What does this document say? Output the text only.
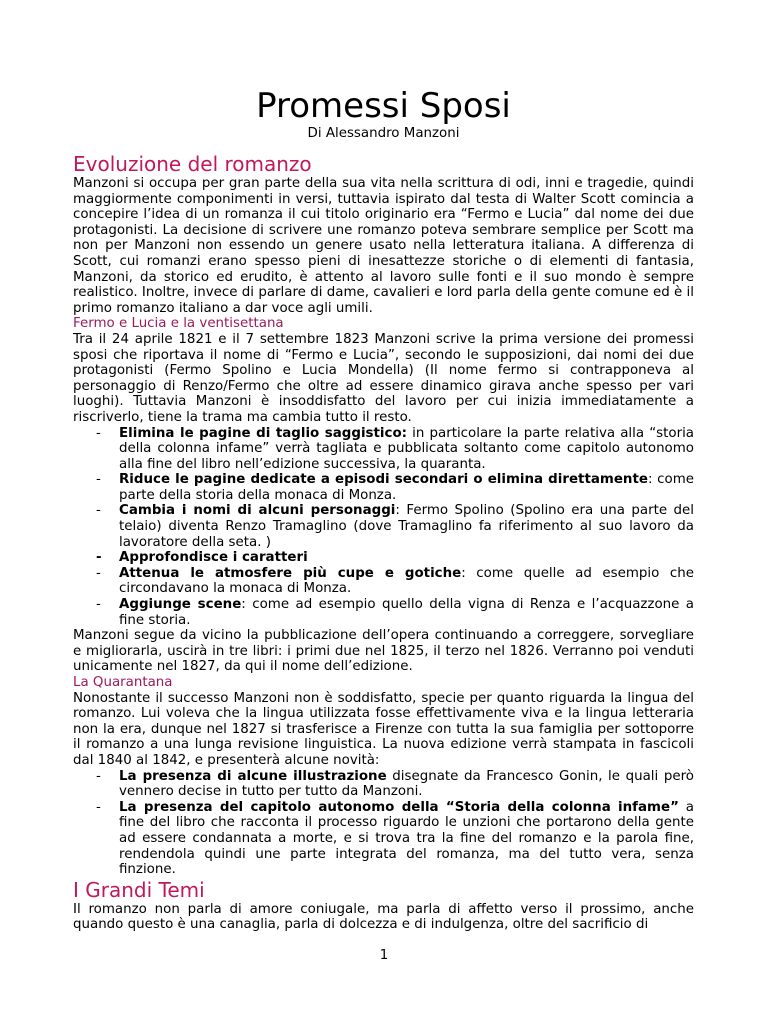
Promessi Sposi
Di Alessandro Manzoni
Evoluzione del romanzo

Manzoni si occupa per gran parte della sua vita nella scrittura di odi, inni e tragedie, quindi maggiormente componimenti in versi, tuttavia ispirato dal testa di Walter Scott comincia a concepire l’idea di un romanza il cui titolo originario era “Fermo e Lucia” dal nome dei due protagonisti. La decisione di scrivere une romanzo poteva sembrare semplice per Scott ma non per Manzoni non essendo un genere usato nella letteratura italiana. A differenza di Scott, cui romanzi erano spesso pieni di inesattezze storiche o di elementi di fantasia, Manzoni, da storico ed erudito, è attento al lavoro sulle fonti e il suo mondo è sempre realistico. Inoltre, invece di parlare di dame, cavalieri e lord parla della gente comune ed è il primo romanzo italiano a dar voce agli umili.

Fermo e Lucia e la ventisettana

Tra il 24 aprile 1821 e il 7 settembre 1823 Manzoni scrive la prima versione dei promessi sposi che riportava il nome di “Fermo e Lucia”, secondo le supposizioni, dai nomi dei due protagonisti (Fermo Spolino e Lucia Mondella) (Il nome fermo si contrapponeva al personaggio di Renzo/Fermo che oltre ad essere dinamico girava anche spesso per vari luoghi). Tuttavia Manzoni è insoddisfatto del lavoro per cui inizia immediatamente a riscriverlo, tiene la trama ma cambia tutto il resto.

- Elimina le pagine di taglio saggistico: in particolare la parte relativa alla “storia della colonna infame” verrà tagliata e pubblicata soltanto come capitolo autonomo alla fine del libro nell’edizione successiva, la quaranta.
- Riduce le pagine dedicate a episodi secondari o elimina direttamente: come parte della storia della monaca di Monza.
- Cambia i nomi di alcuni personaggi: Fermo Spolino (Spolino era una parte del telaio) diventa Renzo Tramaglino (dove Tramaglino fa riferimento al suo lavoro da lavoratore della seta. )
- Approfondisce i caratteri
- Attenua le atmosfere più cupe e gotiche: come quelle ad esempio che circondavano la monaca di Monza.
- Aggiunge scene: come ad esempio quello della vigna di Renza e l’acquazzone a fine storia.

Manzoni segue da vicino la pubblicazione dell’opera continuando a correggere, sorvegliare e migliorarla, uscirà in tre libri: i primi due nel 1825, il terzo nel 1826. Verranno poi venduti unicamente nel 1827, da qui il nome dell’edizione.

La Quarantana

Nonostante il successo Manzoni non è soddisfatto, specie per quanto riguarda la lingua del romanzo. Lui voleva che la lingua utilizzata fosse effettivamente viva e la lingua letteraria non la era, dunque nel 1827 si trasferisce a Firenze con tutta la sua famiglia per sottoporre il romanzo a una lunga revisione linguistica. La nuova edizione verrà stampata in fascicoli dal 1840 al 1842, e presenterà alcune novità:

- La presenza di alcune illustrazione disegnate da Francesco Gonin, le quali però vennero decise in tutto per tutto da Manzoni.
- La presenza del capitolo autonomo della “Storia della colonna infame” a fine del libro che racconta il processo riguardo le unzioni che portarono della gente ad essere condannata a morte, e si trova tra la fine del romanzo e la parola fine, rendendola quindi une parte integrata del romanza, ma del tutto vera, senza finzione.
I Grandi Temi

Il romanzo non parla di amore coniugale, ma parla di affetto verso il prossimo, anche quando questo è una canaglia, parla di dolcezza e di indulgenza, oltre del sacrificio di

1
